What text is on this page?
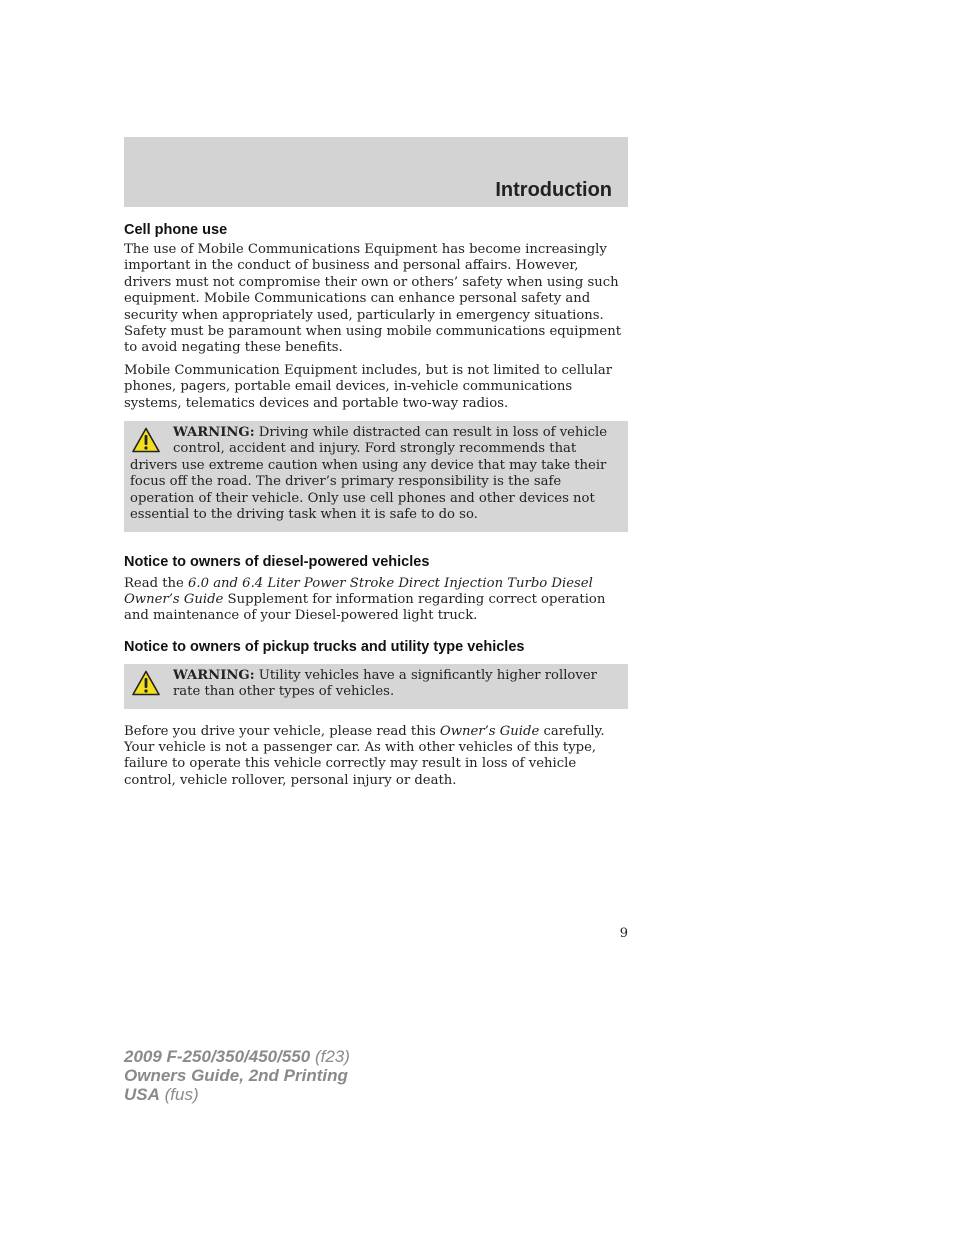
Introduction
Cell phone use

The use of Mobile Communications Equipment has become increasingly important in the conduct of business and personal affairs. However, drivers must not compromise their own or others’ safety when using such equipment. Mobile Communications can enhance personal safety and security when appropriately used, particularly in emergency situations. Safety must be paramount when using mobile communications equipment to avoid negating these benefits.

Mobile Communication Equipment includes, but is not limited to cellular phones, pagers, portable email devices, in-vehicle communications systems, telematics devices and portable two-way radios.

WARNING: Driving while distracted can result in loss of vehicle
control, accident and injury. Ford strongly recommends that
drivers use extreme caution when using any device that may take their focus off the road. The driver’s primary responsibility is the safe operation of their vehicle. Only use cell phones and other devices not essential to the driving task when it is safe to do so.
Notice to owners of diesel-powered vehicles

Read the 6.0 and 6.4 Liter Power Stroke Direct Injection Turbo Diesel Owner’s Guide Supplement for information regarding correct operation and maintenance of your Diesel-powered light truck.

Notice to owners of pickup trucks and utility type vehicles
WARNING: Utility vehicles have a significantly higher rollover
rate than other types of vehicles.

Before you drive your vehicle, please read this Owner’s Guide carefully. Your vehicle is not a passenger car. As with other vehicles of this type, failure to operate this vehicle correctly may result in loss of vehicle control, vehicle rollover, personal injury or death.

9
2009 F-250/350/450/550 (f23)
Owners Guide, 2nd Printing
USA (fus)
